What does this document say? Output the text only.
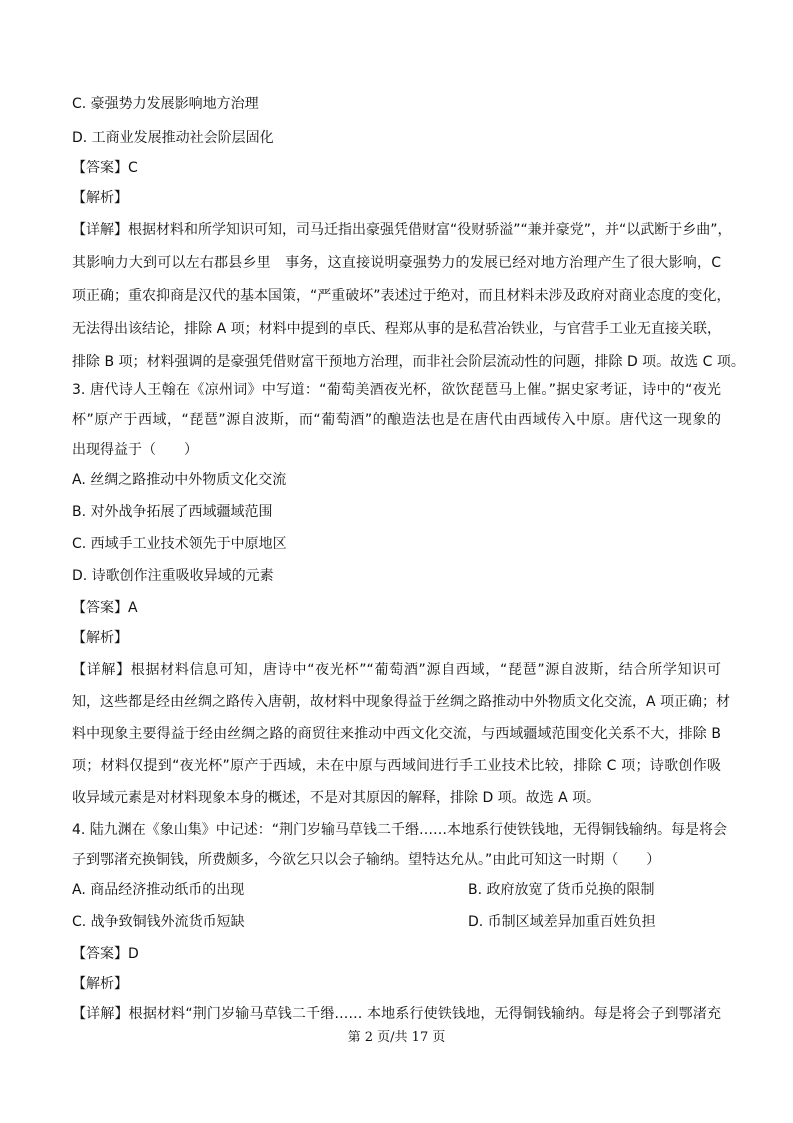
C. 豪强势力发展影响地方治理
D. 工商业发展推动社会阶层固化
【答案】C
【解析】
【详解】根据材料和所学知识可知，司马迁指出豪强凭借财富“役财骄溢”“兼并豪党”，并“以武断于乡曲”，
其影响力大到可以左右郡县乡里　事务，这直接说明豪强势力的发展已经对地方治理产生了很大影响，C
项正确；重农抑商是汉代的基本国策，“严重破坏”表述过于绝对，而且材料未涉及政府对商业态度的变化，
无法得出该结论，排除 A 项；材料中提到的卓氏、程郑从事的是私营冶铁业，与官营手工业无直接关联，
排除 B 项；材料强调的是豪强凭借财富干预地方治理，而非社会阶层流动性的问题，排除 D 项。故选 C 项。
3. 唐代诗人王翰在《凉州词》中写道：“葡萄美酒夜光杯，欲饮琵琶马上催。”据史家考证，诗中的“夜光
杯”原产于西域，“琵琶”源自波斯，而“葡萄酒”的酿造法也是在唐代由西域传入中原。唐代这一现象的
出现得益于（　　）
A. 丝绸之路推动中外物质文化交流
B. 对外战争拓展了西域疆域范围
C. 西域手工业技术领先于中原地区
D. 诗歌创作注重吸收异域的元素
【答案】A
【解析】
【详解】根据材料信息可知，唐诗中“夜光杯”“葡萄酒”源自西域，“琵琶”源自波斯，结合所学知识可
知，这些都是经由丝绸之路传入唐朝，故材料中现象得益于丝绸之路推动中外物质文化交流，A 项正确；材
料中现象主要得益于经由丝绸之路的商贸往来推动中西文化交流，与西域疆域范围变化关系不大，排除 B
项；材料仅提到“夜光杯”原产于西域，未在中原与西域间进行手工业技术比较，排除 C 项；诗歌创作吸
收异域元素是对材料现象本身的概述，不是对其原因的解释，排除 D 项。故选 A 项。
4. 陆九渊在《象山集》中记述：“荆门岁输马草钱二千缗……本地系行使铁钱地，无得铜钱输纳。每是将会
子到鄂渚充换铜钱，所费颇多，今欲乞只以会子输纳。望特达允从。”由此可知这一时期（　　）
A. 商品经济推动纸币的出现	B. 政府放宽了货币兑换的限制
C. 战争致铜钱外流货币短缺	D. 币制区域差异加重百姓负担
【答案】D
【解析】
【详解】根据材料“荆门岁输马草钱二千缗…… 本地系行使铁钱地，无得铜钱输纳。每是将会子到鄂渚充
第 2 页/共 17 页
